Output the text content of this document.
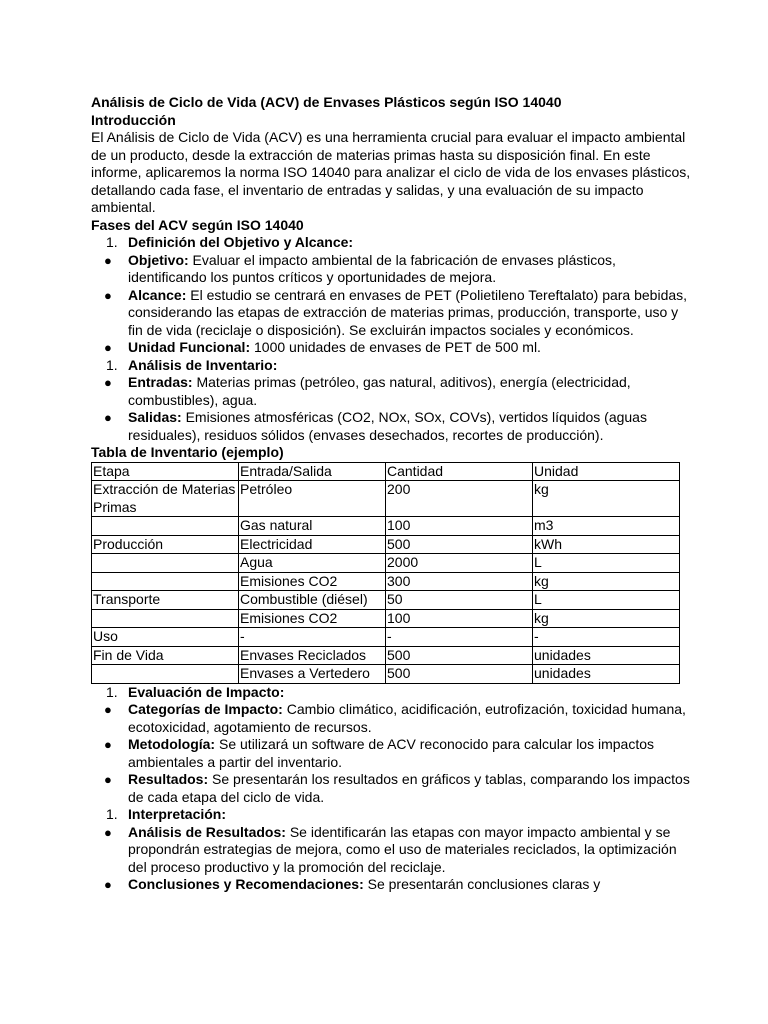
Análisis de Ciclo de Vida (ACV) de Envases Plásticos según ISO 14040

Introducción

El Análisis de Ciclo de Vida (ACV) es una herramienta crucial para evaluar el impacto ambiental de un producto, desde la extracción de materias primas hasta su disposición final. En este informe, aplicaremos la norma ISO 14040 para analizar el ciclo de vida de los envases plásticos, detallando cada fase, el inventario de entradas y salidas, y una evaluación de su impacto ambiental.

Fases del ACV según ISO 14040

1. Definición del Objetivo y Alcance:
● Objetivo: Evaluar el impacto ambiental de la fabricación de envases plásticos, identificando los puntos críticos y oportunidades de mejora.
● Alcance: El estudio se centrará en envases de PET (Polietileno Tereftalato) para bebidas, considerando las etapas de extracción de materias primas, producción, transporte, uso y fin de vida (reciclaje o disposición). Se excluirán impactos sociales y económicos.
● Unidad Funcional: 1000 unidades de envases de PET de 500 ml.
1. Análisis de Inventario:
● Entradas: Materias primas (petróleo, gas natural, aditivos), energía (electricidad, combustibles), agua.
● Salidas: Emisiones atmosféricas (CO2, NOx, SOx, COVs), vertidos líquidos (aguas residuales), residuos sólidos (envases desechados, recortes de producción).

Tabla de Inventario (ejemplo)

Etapa	Entrada/Salida	Cantidad	Unidad
Extracción de Materias Primas	Petróleo	200	kg
	Gas natural	100	m3
Producción	Electricidad	500	kWh
	Agua	2000	L
	Emisiones CO2	300	kg
Transporte	Combustible (diésel)	50	L
	Emisiones CO2	100	kg
Uso	-	-	-
Fin de Vida	Envases Reciclados	500	unidades
	Envases a Vertedero	500	unidades
1. Evaluación de Impacto:
● Categorías de Impacto: Cambio climático, acidificación, eutrofización, toxicidad humana, ecotoxicidad, agotamiento de recursos.
● Metodología: Se utilizará un software de ACV reconocido para calcular los impactos ambientales a partir del inventario.
● Resultados: Se presentarán los resultados en gráficos y tablas, comparando los impactos de cada etapa del ciclo de vida.
1. Interpretación:
● Análisis de Resultados: Se identificarán las etapas con mayor impacto ambiental y se propondrán estrategias de mejora, como el uso de materiales reciclados, la optimización del proceso productivo y la promoción del reciclaje.
● Conclusiones y Recomendaciones: Se presentarán conclusiones claras y
